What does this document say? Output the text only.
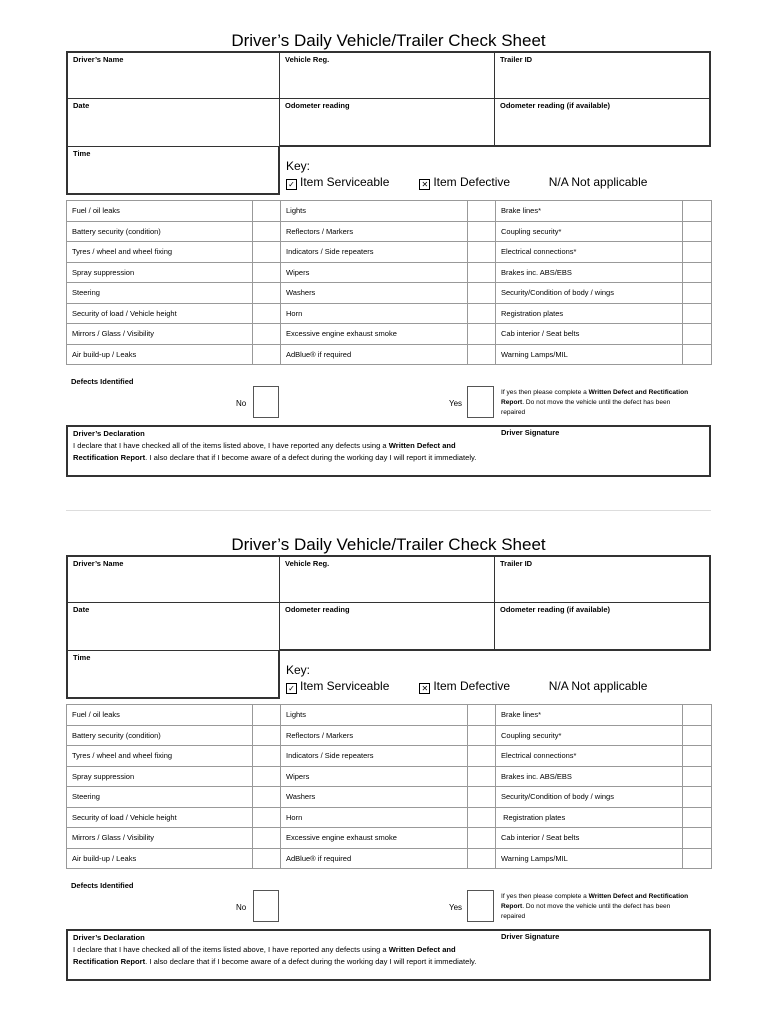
Driver’s Daily Vehicle/Trailer Check Sheet
Driver’s Name	Vehicle Reg.	Trailer ID
Date	Odometer reading	Odometer reading (if available)
Time
Key:
✓ Item Serviceable	✕ Item Defective	N/A Not applicable
Fuel / oil leaks		Lights		Brake lines*	
Battery security (condition)		Reflectors / Markers		Coupling security*	
Tyres / wheel and wheel fixing		Indicators / Side repeaters		Electrical connections*	
Spray suppression		Wipers		Brakes inc. ABS/EBS	
Steering		Washers		Security/Condition of body / wings	
Security of load / Vehicle height		Horn		Registration plates	
Mirrors / Glass / Visibility		Excessive engine exhaust smoke		Cab interior / Seat belts	
Air build-up / Leaks		AdBlue® if required		Warning Lamps/MIL	
Defects Identified
No	Yes
If yes then please complete a Written Defect and Rectification Report. Do not move the vehicle until the defect has been repaired
Driver’s Declaration
I declare that I have checked all of the items listed above, I have reported any defects using a Written Defect and Rectification Report. I also declare that if I become aware of a defect during the working day I will report it immediately.
Driver Signature
Driver’s Daily Vehicle/Trailer Check Sheet
Driver’s Name	Vehicle Reg.	Trailer ID
Date	Odometer reading	Odometer reading (if available)
Time
Key:
✓ Item Serviceable	✕ Item Defective	N/A Not applicable
Fuel / oil leaks		Lights		Brake lines*	
Battery security (condition)		Reflectors / Markers		Coupling security*	
Tyres / wheel and wheel fixing		Indicators / Side repeaters		Electrical connections*	
Spray suppression		Wipers		Brakes inc. ABS/EBS	
Steering		Washers		Security/Condition of body / wings	
Security of load / Vehicle height		Horn		Registration plates	
Mirrors / Glass / Visibility		Excessive engine exhaust smoke		Cab interior / Seat belts	
Air build-up / Leaks		AdBlue® if required		Warning Lamps/MIL	
Defects Identified
No	Yes
If yes then please complete a Written Defect and Rectification Report. Do not move the vehicle until the defect has been repaired
Driver’s Declaration
I declare that I have checked all of the items listed above, I have reported any defects using a Written Defect and Rectification Report. I also declare that if I become aware of a defect during the working day I will report it immediately.
Driver Signature
